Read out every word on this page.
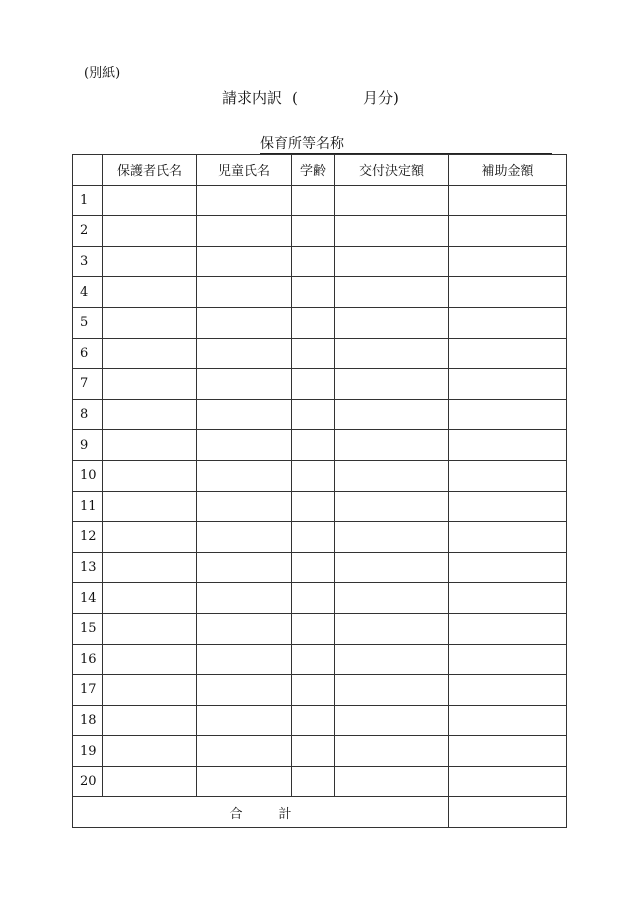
(別紙)
請求内訳 (	月分)
保育所等名称
	保護者氏名	児童氏名	学齢	交付決定額	補助金額
1					
2					
3					
4					
5					
6					
7					
8					
9					
10					
11					
12					
13					
14					
15					
16					
17					
18					
19					
20					
合 計					
